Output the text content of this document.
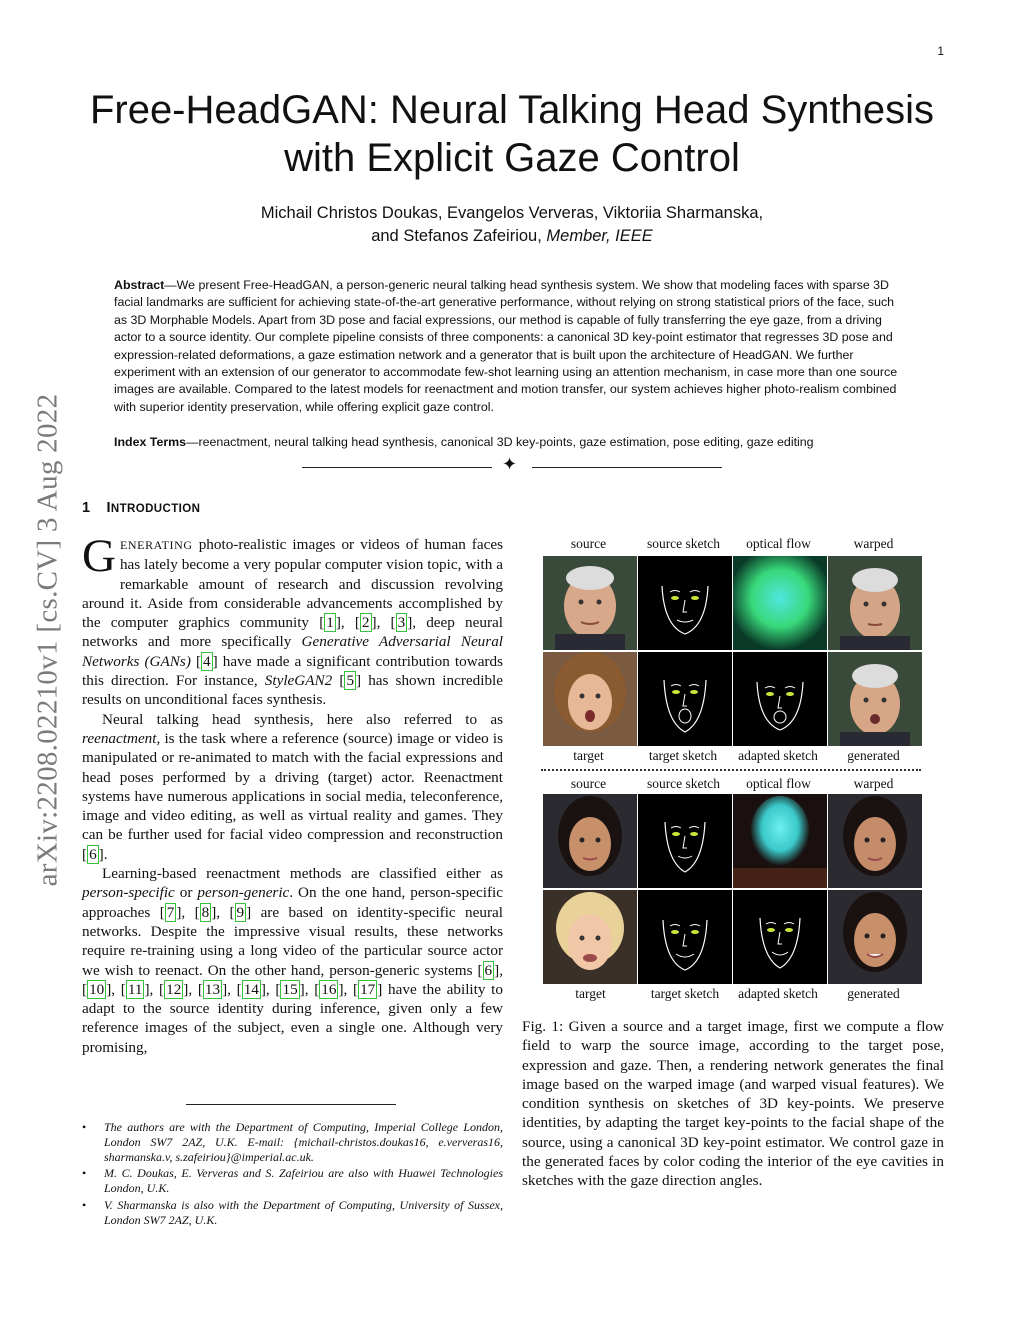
1
arXiv:2208.02210v1 [cs.CV] 3 Aug 2022
Free-HeadGAN: Neural Talking Head Synthesis with Explicit Gaze Control
Michail Christos Doukas, Evangelos Ververas, Viktoriia Sharmanska,
and Stefanos Zafeiriou, Member, IEEE
Abstract—We present Free-HeadGAN, a person-generic neural talking head synthesis system. We show that modeling faces with sparse 3D facial landmarks are sufficient for achieving state-of-the-art generative performance, without relying on strong statistical priors of the face, such as 3D Morphable Models. Apart from 3D pose and facial expressions, our method is capable of fully transferring the eye gaze, from a driving actor to a source identity. Our complete pipeline consists of three components: a canonical 3D key-point estimator that regresses 3D pose and expression-related deformations, a gaze estimation network and a generator that is built upon the architecture of HeadGAN. We further experiment with an extension of our generator to accommodate few-shot learning using an attention mechanism, in case more than one source images are available. Compared to the latest models for reenactment and motion transfer, our system achieves higher photo-realism combined with superior identity preservation, while offering explicit gaze control.
Index Terms—reenactment, neural talking head synthesis, canonical 3D key-points, gaze estimation, pose editing, gaze editing
✦
1 INTRODUCTION

GENERATING photo-realistic images or videos of human faces has lately become a very popular computer vision topic, with a remarkable amount of research and discussion revolving around it. Aside from considerable advancements accomplished by the computer graphics community [ 1 ], [ 2 ], [ 3 ], deep neural networks and more specifically Generative Adversarial Neural Networks (GANs) [ 4 ] have made a significant contribution towards this direction. For instance, StyleGAN2 [ 5 ] has shown incredible results on unconditional faces synthesis.

Neural talking head synthesis, here also referred to as reenactment, is the task where a reference (source) image or video is manipulated or re-animated to match with the facial expressions and head poses performed by a driving (target) actor. Reenactment systems have numerous applications in social media, teleconference, image and video editing, as well as virtual reality and games. They can be further used for facial video compression and reconstruction [ 6 ].

Learning-based reenactment methods are classified either as person-specific or person-generic. On the one hand, person-specific approaches [ 7 ], [ 8 ], [ 9 ] are based on identity-specific neural networks. Despite the impressive visual results, these networks require re-training using a long video of the particular source actor we wish to reenact. On the other hand, person-generic systems [ 6 ], [ 10 ], [ 11 ], [ 12 ], [ 13 ], [ 14 ], [ 15 ], [ 16 ], [ 17 ] have the ability to adapt to the source identity during inference, given only a few reference images of the subject, even a single one. Although very promising,

• The authors are with the Department of Computing, Imperial College London, London SW7 2AZ, U.K. E-mail: {michail-christos.doukas16, e.ververas16, sharmanska.v, s.zafeiriou}@imperial.ac.uk.
• M. C. Doukas, E. Ververas and S. Zafeiriou are also with Huawei Technologies London, U.K.
• V. Sharmanska is also with the Department of Computing, University of Sussex, London SW7 2AZ, U.K.
source	source sketch	optical flow	warped
target	target sketch	adapted sketch	generated
source	source sketch	optical flow	warped
target	target sketch	adapted sketch	generated
Fig. 1: Given a source and a target image, first we compute a flow field to warp the source image, according to the target pose, expression and gaze. Then, a rendering network generates the final image based on the warped image (and warped visual features). We condition synthesis on sketches of 3D key-points. We preserve identities, by adapting the target key-points to the facial shape of the source, using a canonical 3D key-point estimator. We control gaze in the generated faces by color coding the interior of the eye cavities in sketches with the gaze direction angles.
